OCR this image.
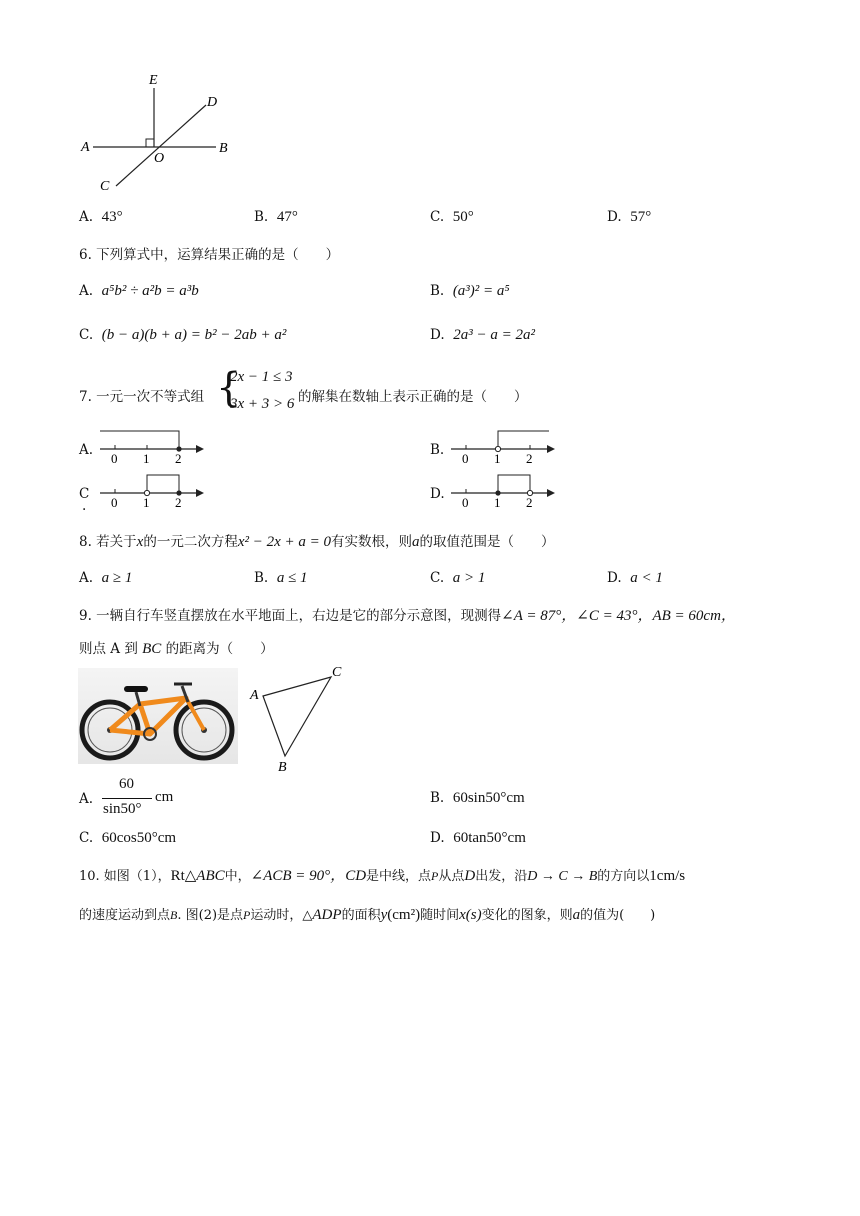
E
D
A
O
B
C
A. 43°	B. 47°	C. 50°	D. 57°
6. 下列算式中，运算结果正确的是（　　）
A. a⁵b² ÷ a²b = a³b	B. (a³)² = a⁵
C. (b − a)(b + a) = b² − 2ab + a²	D. 2a³ − a = 2a²
7. 一元一次不等式组 {
2x − 1 ≤ 3
3x + 3 > 6 的解集在数轴上表示正确的是（　　）
A.
0 1 2
B.
0 1 2
C
. 0 1 2
D.
0 1 2
8. 若关于x的一元二次方程x² − 2x + a = 0有实数根，则a的取值范围是（　　）
A. a ≥ 1	B. a ≤ 1	C. a > 1	D. a < 1
9. 一辆自行车竖直摆放在水平地面上，右边是它的部分示意图，现测得∠A = 87°，∠C = 43°，AB = 60cm，
则点 A 到 BC 的距离为（　　）
A
C
B
A.
60
sin50°
cm	B. 60sin50°cm
C. 60cos50°cm	D. 60tan50°cm
10. 如图（1），Rt△ABC中，∠ACB = 90°，CD是中线，点P从点D出发，沿D → C → B的方向以1cm/s
的速度运动到点B. 图(2)是点P运动时，△ADP的面积y(cm²)随时间x(s)变化的图象，则a的值为(　　)
